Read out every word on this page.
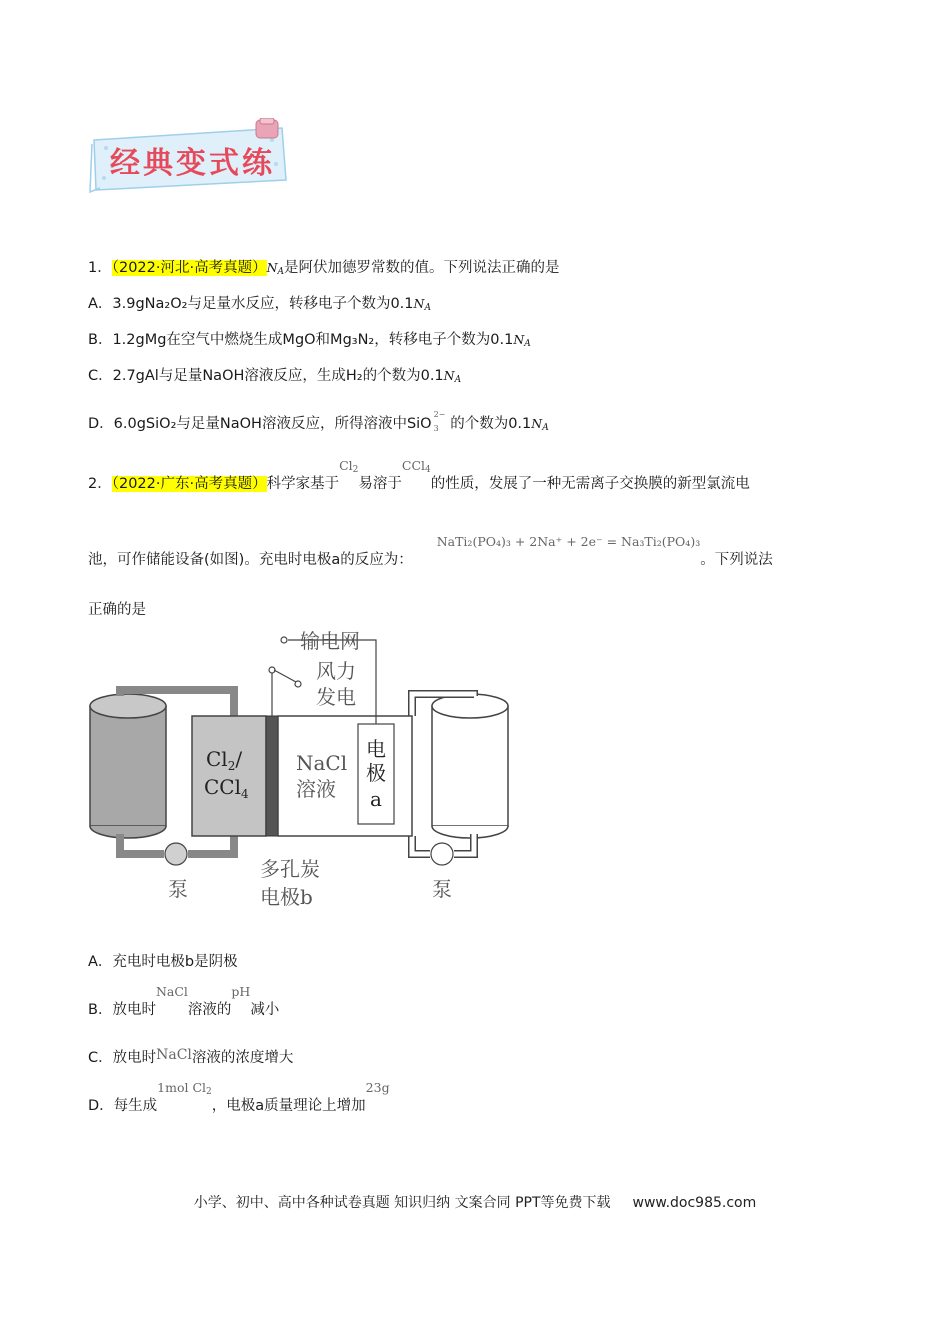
经典变式练
1．（2022·河北·高考真题）$N_A$是阿伏加德罗常数的值。下列说法正确的是
A．3.9gNa₂O₂与足量水反应，转移电子个数为$0.1N_A$
B．1.2gMg在空气中燃烧生成MgO和Mg₃N₂，转移电子个数为$0.1N_A$
C．2.7gAl与足量NaOH溶液反应，生成H₂的个数为$0.1N_A$
D．6.0gSiO₂与足量NaOH溶液反应，所得溶液中SiO
2−
3 的个数为$0.1N_A$
2．（2022·广东·高考真题）科学家基于$Cl_2$易溶于CCl$_4$的性质，发展了一种无需离子交换膜的新型氯流电
池，可作储能设备(如图)。充电时电极a的反应为：NaTi₂(PO₄)₃ + 2Na⁺ + 2e⁻ = Na₃Ti₂(PO₄)₃。下列说法
正确的是
输电网
风力
发电
$Cl_2/$
CCl$_4$
NaCl
溶液
电
极
a
多孔炭
电极b
泵	泵
A．充电时电极b是阴极
B．放电时NaCl溶液的pH减小
C．放电时NaCl溶液的浓度增大
D．每生成1mol $Cl_2$，电极a质量理论上增加23g
小学、初中、高中各种试卷真题 知识归纳 文案合同 PPT等免费下载 www.doc985.com
